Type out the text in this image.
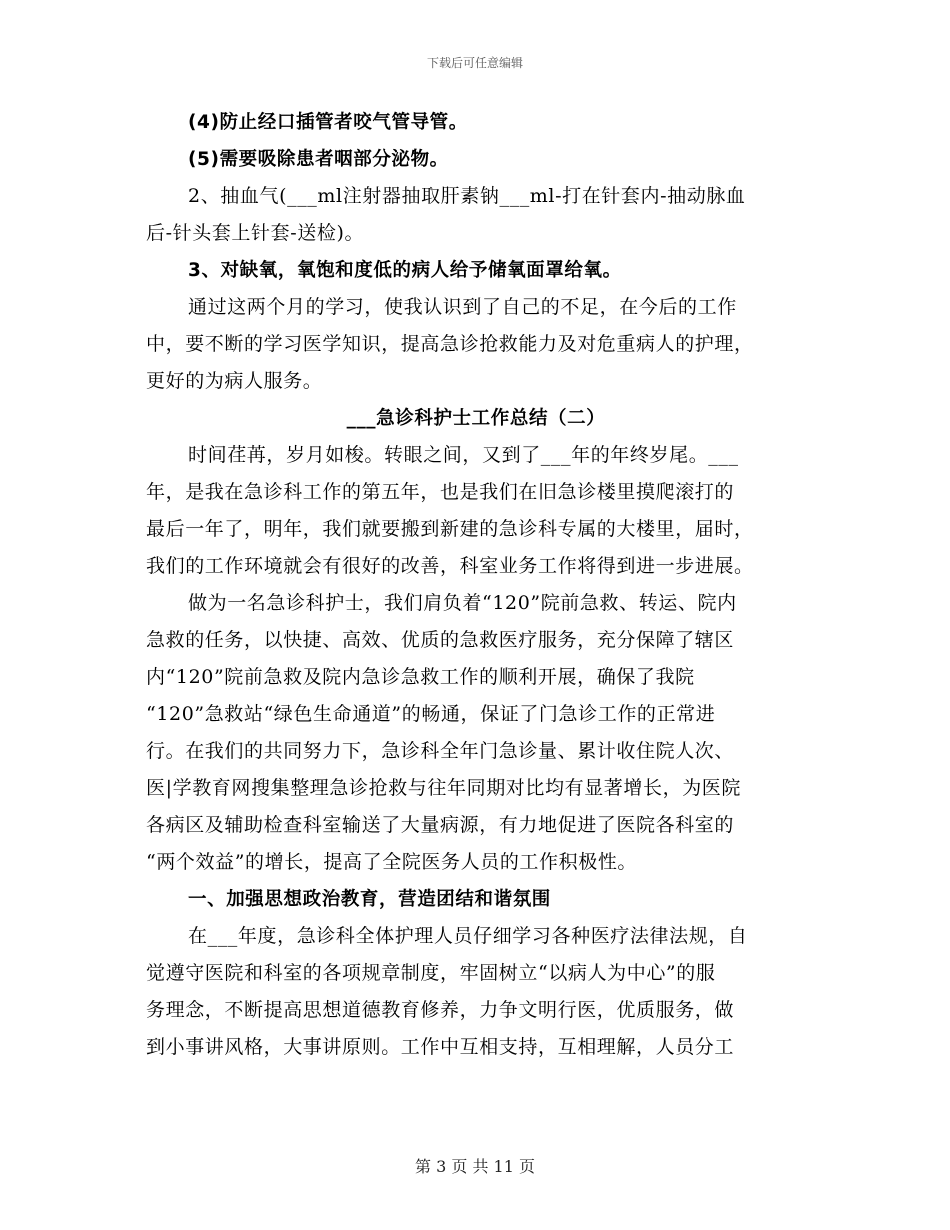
下载后可任意编辑
(4)防止经口插管者咬气管导管。
(5)需要吸除患者咽部分泌物。
2、抽血气(___ml注射器抽取肝素钠___ml-打在针套内-抽动脉血
后-针头套上针套-送检)。
3、对缺氧，氧饱和度低的病人给予储氧面罩给氧。
通过这两个月的学习，使我认识到了自己的不足，在今后的工作
中，要不断的学习医学知识，提高急诊抢救能力及对危重病人的护理，
更好的为病人服务。
___急诊科护士工作总结（二）
时间荏苒，岁月如梭。转眼之间，又到了___年的年终岁尾。___
年，是我在急诊科工作的第五年，也是我们在旧急诊楼里摸爬滚打的
最后一年了，明年，我们就要搬到新建的急诊科专属的大楼里，届时，
我们的工作环境就会有很好的改善，科室业务工作将得到进一步进展。
做为一名急诊科护士，我们肩负着“120”院前急救、转运、院内
急救的任务，以快捷、高效、优质的急救医疗服务，充分保障了辖区
内“120”院前急救及院内急诊急救工作的顺利开展，确保了我院
“120”急救站“绿色生命通道”的畅通，保证了门急诊工作的正常进
行。在我们的共同努力下，急诊科全年门急诊量、累计收住院人次、
医|学教育网搜集整理急诊抢救与往年同期对比均有显著增长，为医院
各病区及辅助检查科室输送了大量病源，有力地促进了医院各科室的
“两个效益”的增长，提高了全院医务人员的工作积极性。
一、加强思想政治教育，营造团结和谐氛围
在___年度，急诊科全体护理人员仔细学习各种医疗法律法规，自
觉遵守医院和科室的各项规章制度，牢固树立“以病人为中心”的服
务理念，不断提高思想道德教育修养，力争文明行医，优质服务，做
到小事讲风格，大事讲原则。工作中互相支持，互相理解，人员分工
第 3 页 共 11 页
